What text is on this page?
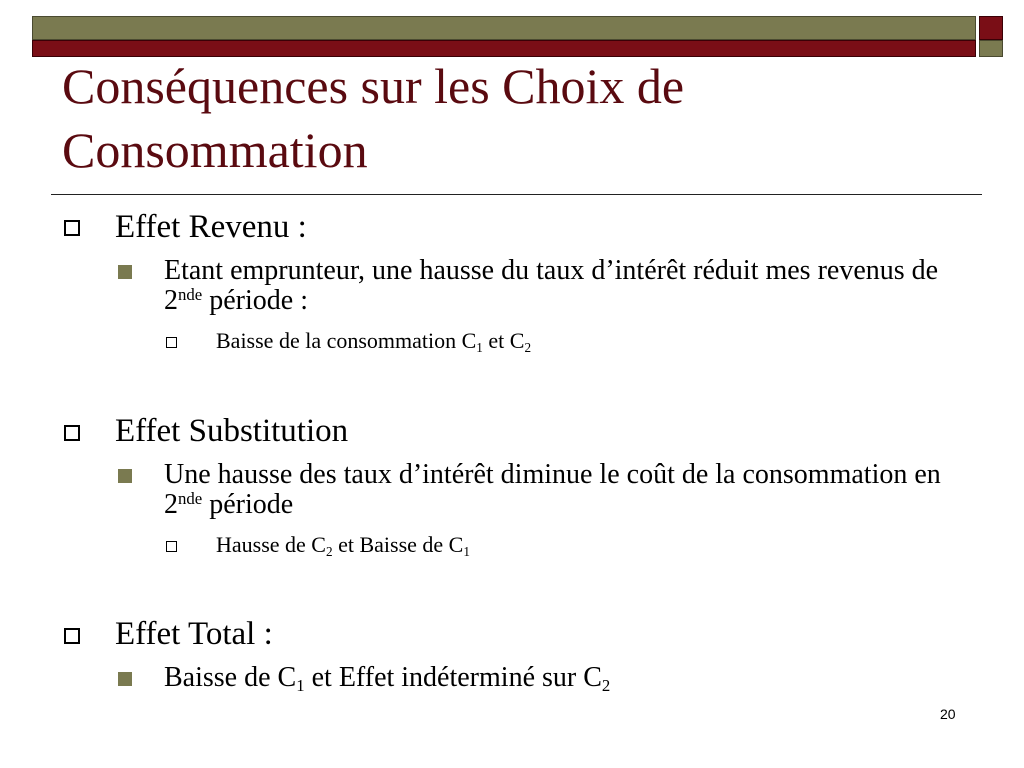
Conséquences sur les Choix de Consommation
Effet Revenu :
Etant emprunteur, une hausse du taux d’intérêt réduit mes revenus de 2nde période :
Baisse de la consommation $C_1$ et $C_2$
Effet Substitution
Une hausse des taux d’intérêt diminue le coût de la consommation en 2nde période
Hausse de $C_2$ et Baisse de $C_1$
Effet Total :
Baisse de $C_1$ et Effet indéterminé sur $C_2$
20
